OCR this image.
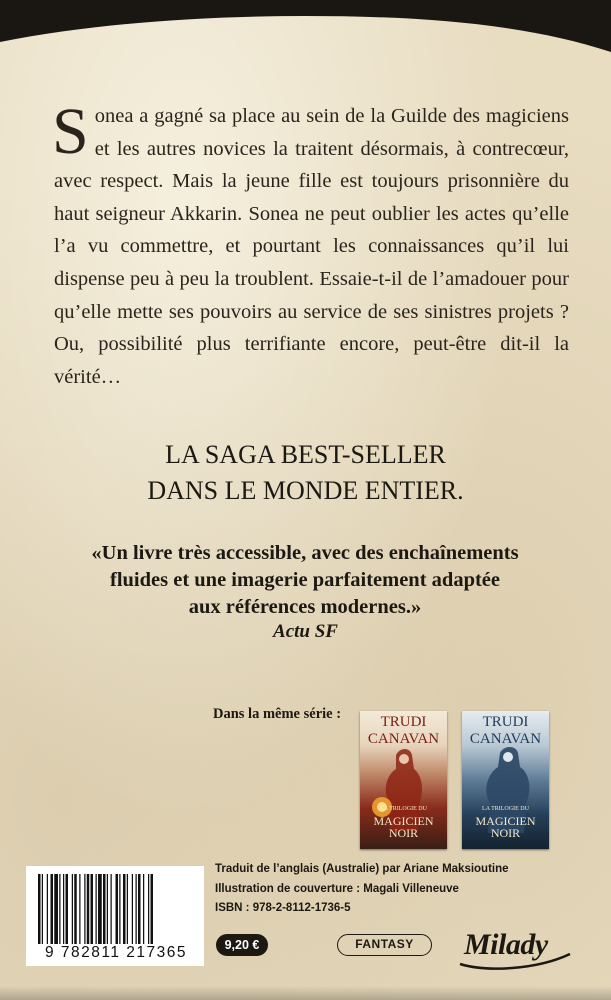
Sonea a gagné sa place au sein de la Guilde des magiciens et les autres novices la traitent désormais, à contrecœur, avec respect. Mais la jeune fille est toujours prisonnière du haut seigneur Akkarin. Sonea ne peut oublier les actes qu’elle l’a vu commettre, et pourtant les connaissances qu’il lui dispense peu à peu la troublent. Essaie-t-il de l’amadouer pour qu’elle mette ses pouvoirs au service de ses sinistres projets ? Ou, possibilité plus terrifiante encore, peut-être dit-il la vérité…

LA SAGA BEST-SELLER

DANS LE MONDE ENTIER.

«Un livre très accessible, avec des enchaînements

fluides et une imagerie parfaitement adaptée

aux références modernes.»

Actu SF
Dans la même série :	TRUDI
CANAVAN
LA TRILOGIE DU
MAGICIEN NOIR
TRUDI
CANAVAN
LA TRILOGIE DU
MAGICIEN NOIR
Traduit de l’anglais (Australie) par Ariane Maksioutine
Illustration de couverture : Magali Villeneuve
ISBN : 978-2-8112-1736-5
9 782811 217365	9,20 €	FANTASY	Milady
